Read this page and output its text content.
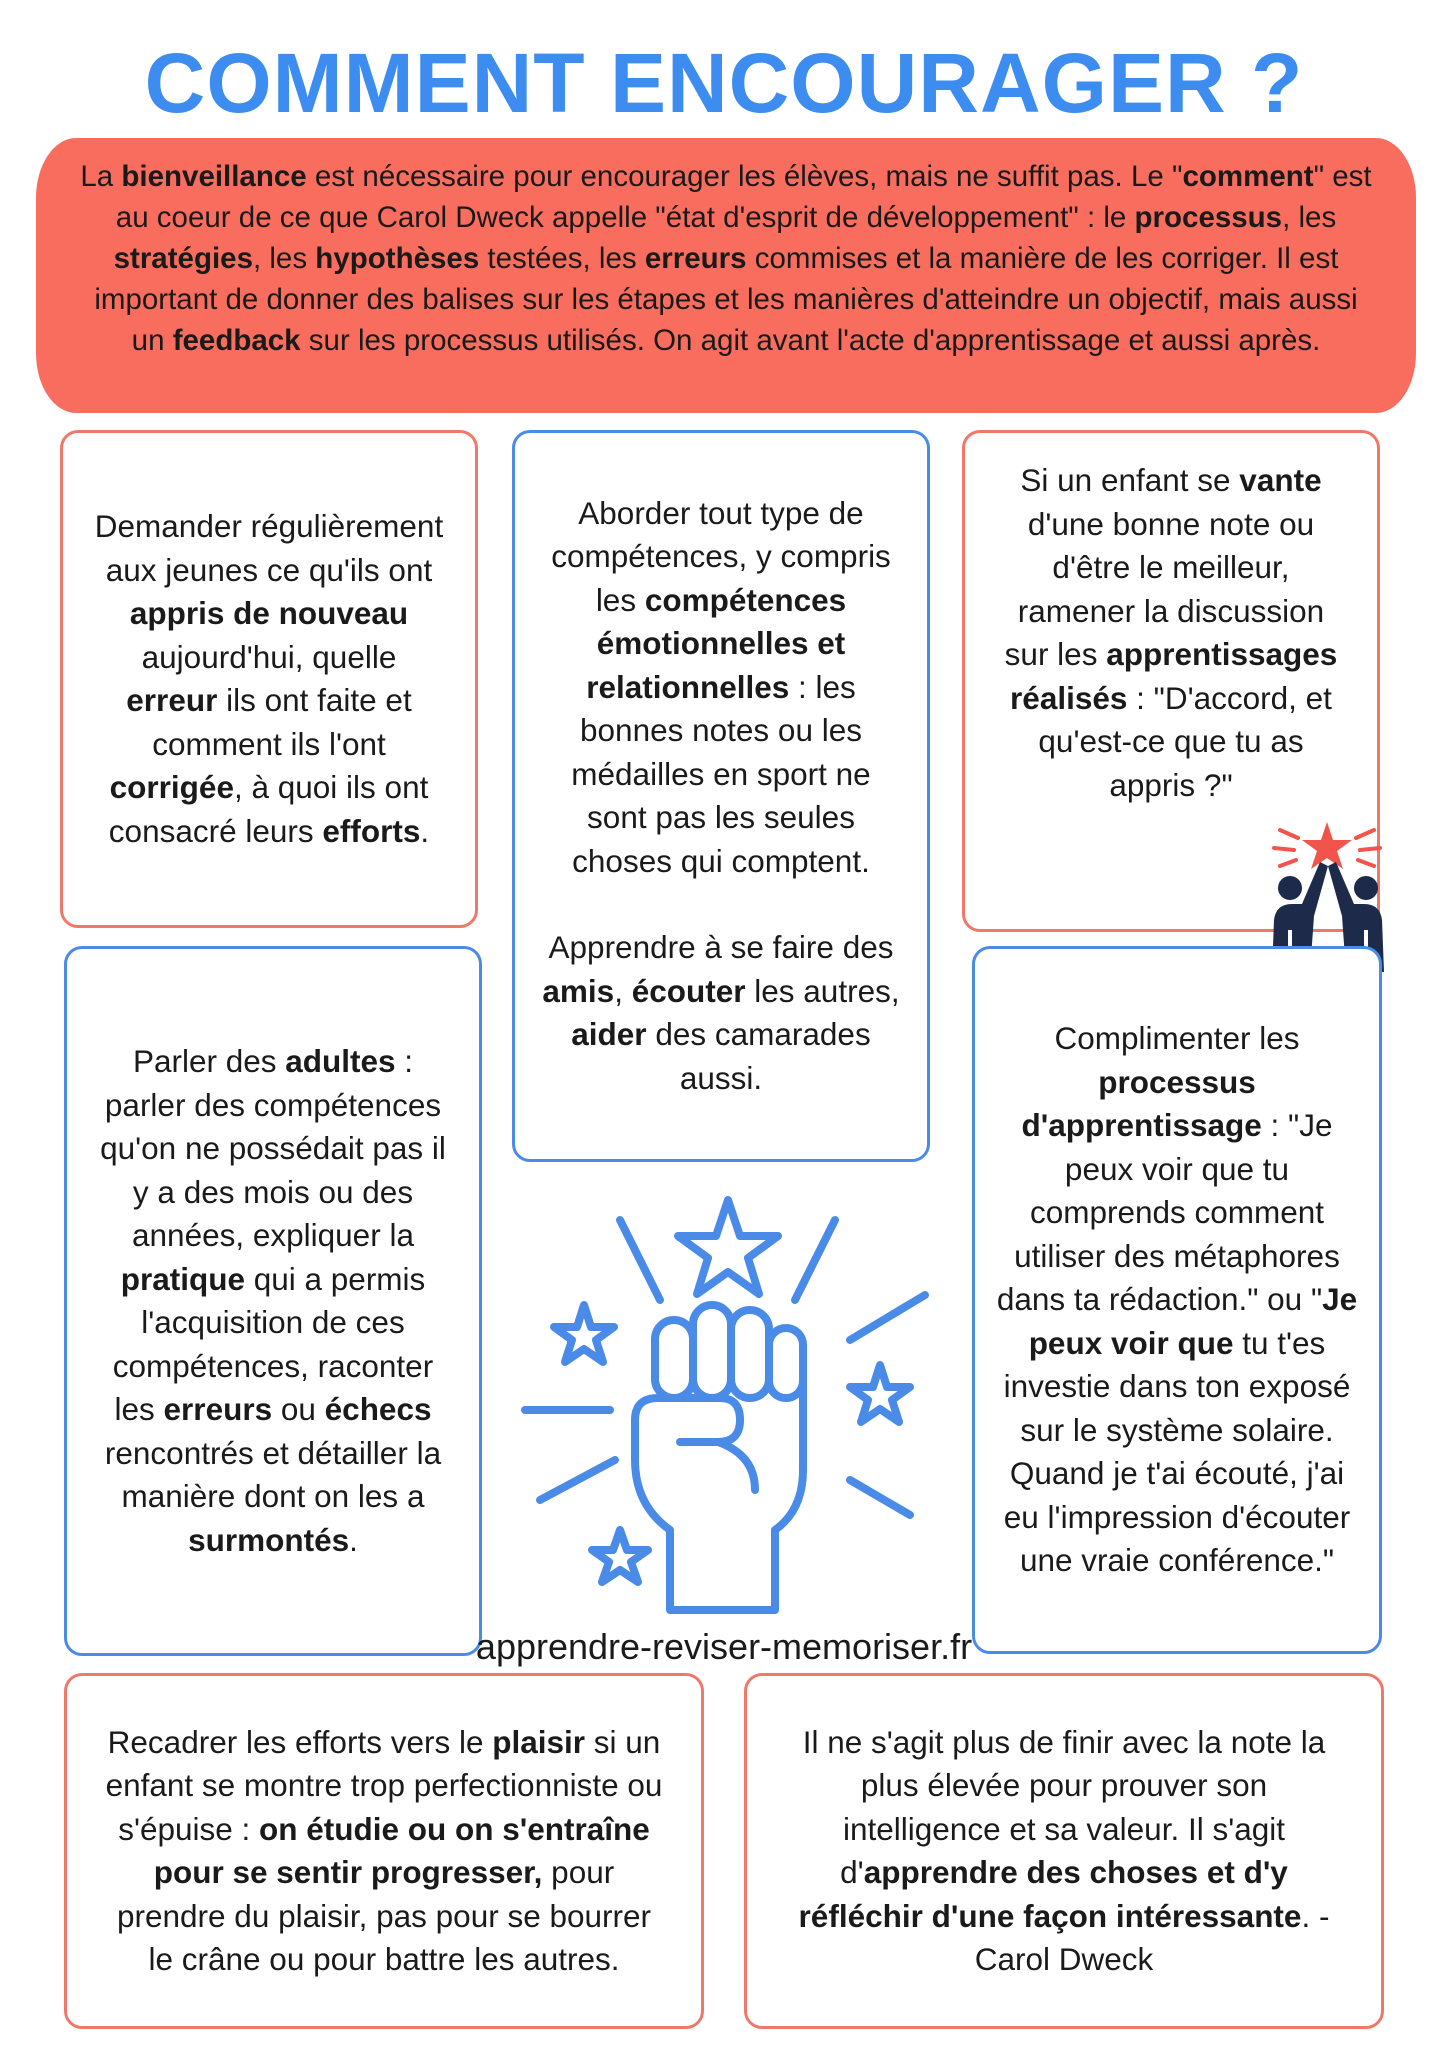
COMMENT ENCOURAGER ?
La bienveillance est nécessaire pour encourager les élèves, mais ne suffit pas. Le "comment" est au coeur de ce que Carol Dweck appelle "état d'esprit de développement" : le processus, les stratégies, les hypothèses testées, les erreurs commises et la manière de les corriger. Il est important de donner des balises sur les étapes et les manières d'atteindre un objectif, mais aussi un feedback sur les processus utilisés. On agit avant l'acte d'apprentissage et aussi après.
Demander régulièrement aux jeunes ce qu'ils ont appris de nouveau aujourd'hui, quelle erreur ils ont faite et comment ils l'ont corrigée, à quoi ils ont consacré leurs efforts.
Aborder tout type de compétences, y compris les compétences émotionnelles et relationnelles : les bonnes notes ou les médailles en sport ne sont pas les seules choses qui comptent.
Apprendre à se faire des amis, écouter les autres, aider des camarades aussi.
Si un enfant se vante d'une bonne note ou d'être le meilleur, ramener la discussion sur les apprentissages réalisés : "D'accord, et qu'est-ce que tu as appris ?"
Parler des adultes : parler des compétences qu'on ne possédait pas il y a des mois ou des années, expliquer la pratique qui a permis l'acquisition de ces compétences, raconter les erreurs ou échecs rencontrés et détailler la manière dont on les a surmontés.
Complimenter les processus d'apprentissage : "Je peux voir que tu comprends comment utiliser des métaphores dans ta rédaction." ou "Je peux voir que tu t'es investie dans ton exposé sur le système solaire. Quand je t'ai écouté, j'ai eu l'impression d'écouter une vraie conférence."
apprendre-reviser-memoriser.fr
Recadrer les efforts vers le plaisir si un enfant se montre trop perfectionniste ou s'épuise : on étudie ou on s'entraîne pour se sentir progresser, pour prendre du plaisir, pas pour se bourrer le crâne ou pour battre les autres.
Il ne s'agit plus de finir avec la note la plus élevée pour prouver son intelligence et sa valeur. Il s'agit d'apprendre des choses et d'y réfléchir d'une façon intéressante. - Carol Dweck
